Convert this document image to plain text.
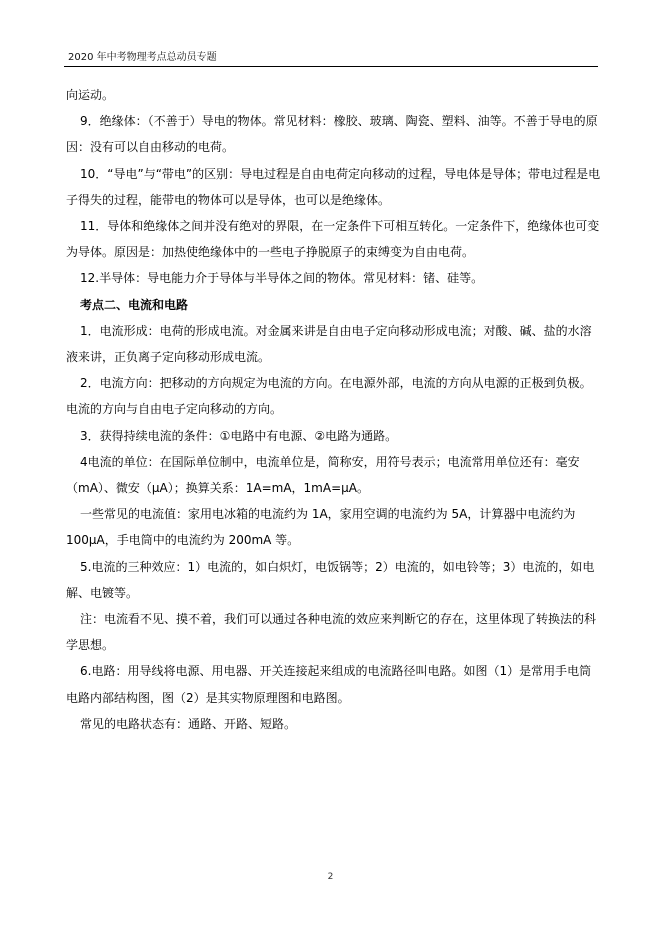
2020 年中考物理考点总动员专题

向运动。

9．绝缘体：（不善于）导电的物体。常见材料：橡胶、玻璃、陶瓷、塑料、油等。不善于导电的原因：没有可以自由移动的电荷。

10．“导电”与“带电”的区别：导电过程是自由电荷定向移动的过程，导电体是导体；带电过程是电子得失的过程，能带电的物体可以是导体，也可以是绝缘体。

11．导体和绝缘体之间并没有绝对的界限，在一定条件下可相互转化。一定条件下，绝缘体也可变为导体。原因是：加热使绝缘体中的一些电子挣脱原子的束缚变为自由电荷。

12.半导体：导电能力介于导体与半导体之间的物体。常见材料：锗、硅等。

考点二、电流和电路

1．电流形成：电荷的形成电流。对金属来讲是自由电子定向移动形成电流；对酸、碱、盐的水溶液来讲，正负离子定向移动形成电流。

2．电流方向：把移动的方向规定为电流的方向。在电源外部，电流的方向从电源的正极到负极。电流的方向与自由电子定向移动的方向。

3．获得持续电流的条件：①电路中有电源、②电路为通路。

4电流的单位：在国际单位制中，电流单位是，简称安，用符号表示；电流常用单位还有：毫安（mA）、微安（μA）；换算关系：1A=mA，1mA=μA。

一些常见的电流值：家用电冰箱的电流约为 1A，家用空调的电流约为 5A，计算器中电流约为 100μA，手电筒中的电流约为 200mA 等。

5.电流的三种效应：1）电流的，如白炽灯，电饭锅等；2）电流的，如电铃等；3）电流的，如电解、电镀等。

注：电流看不见、摸不着，我们可以通过各种电流的效应来判断它的存在，这里体现了转换法的科学思想。

6.电路：用导线将电源、用电器、开关连接起来组成的电流路径叫电路。如图（1）是常用手电筒电路内部结构图，图（2）是其实物原理图和电路图。

常见的电路状态有：通路、开路、短路。

2
